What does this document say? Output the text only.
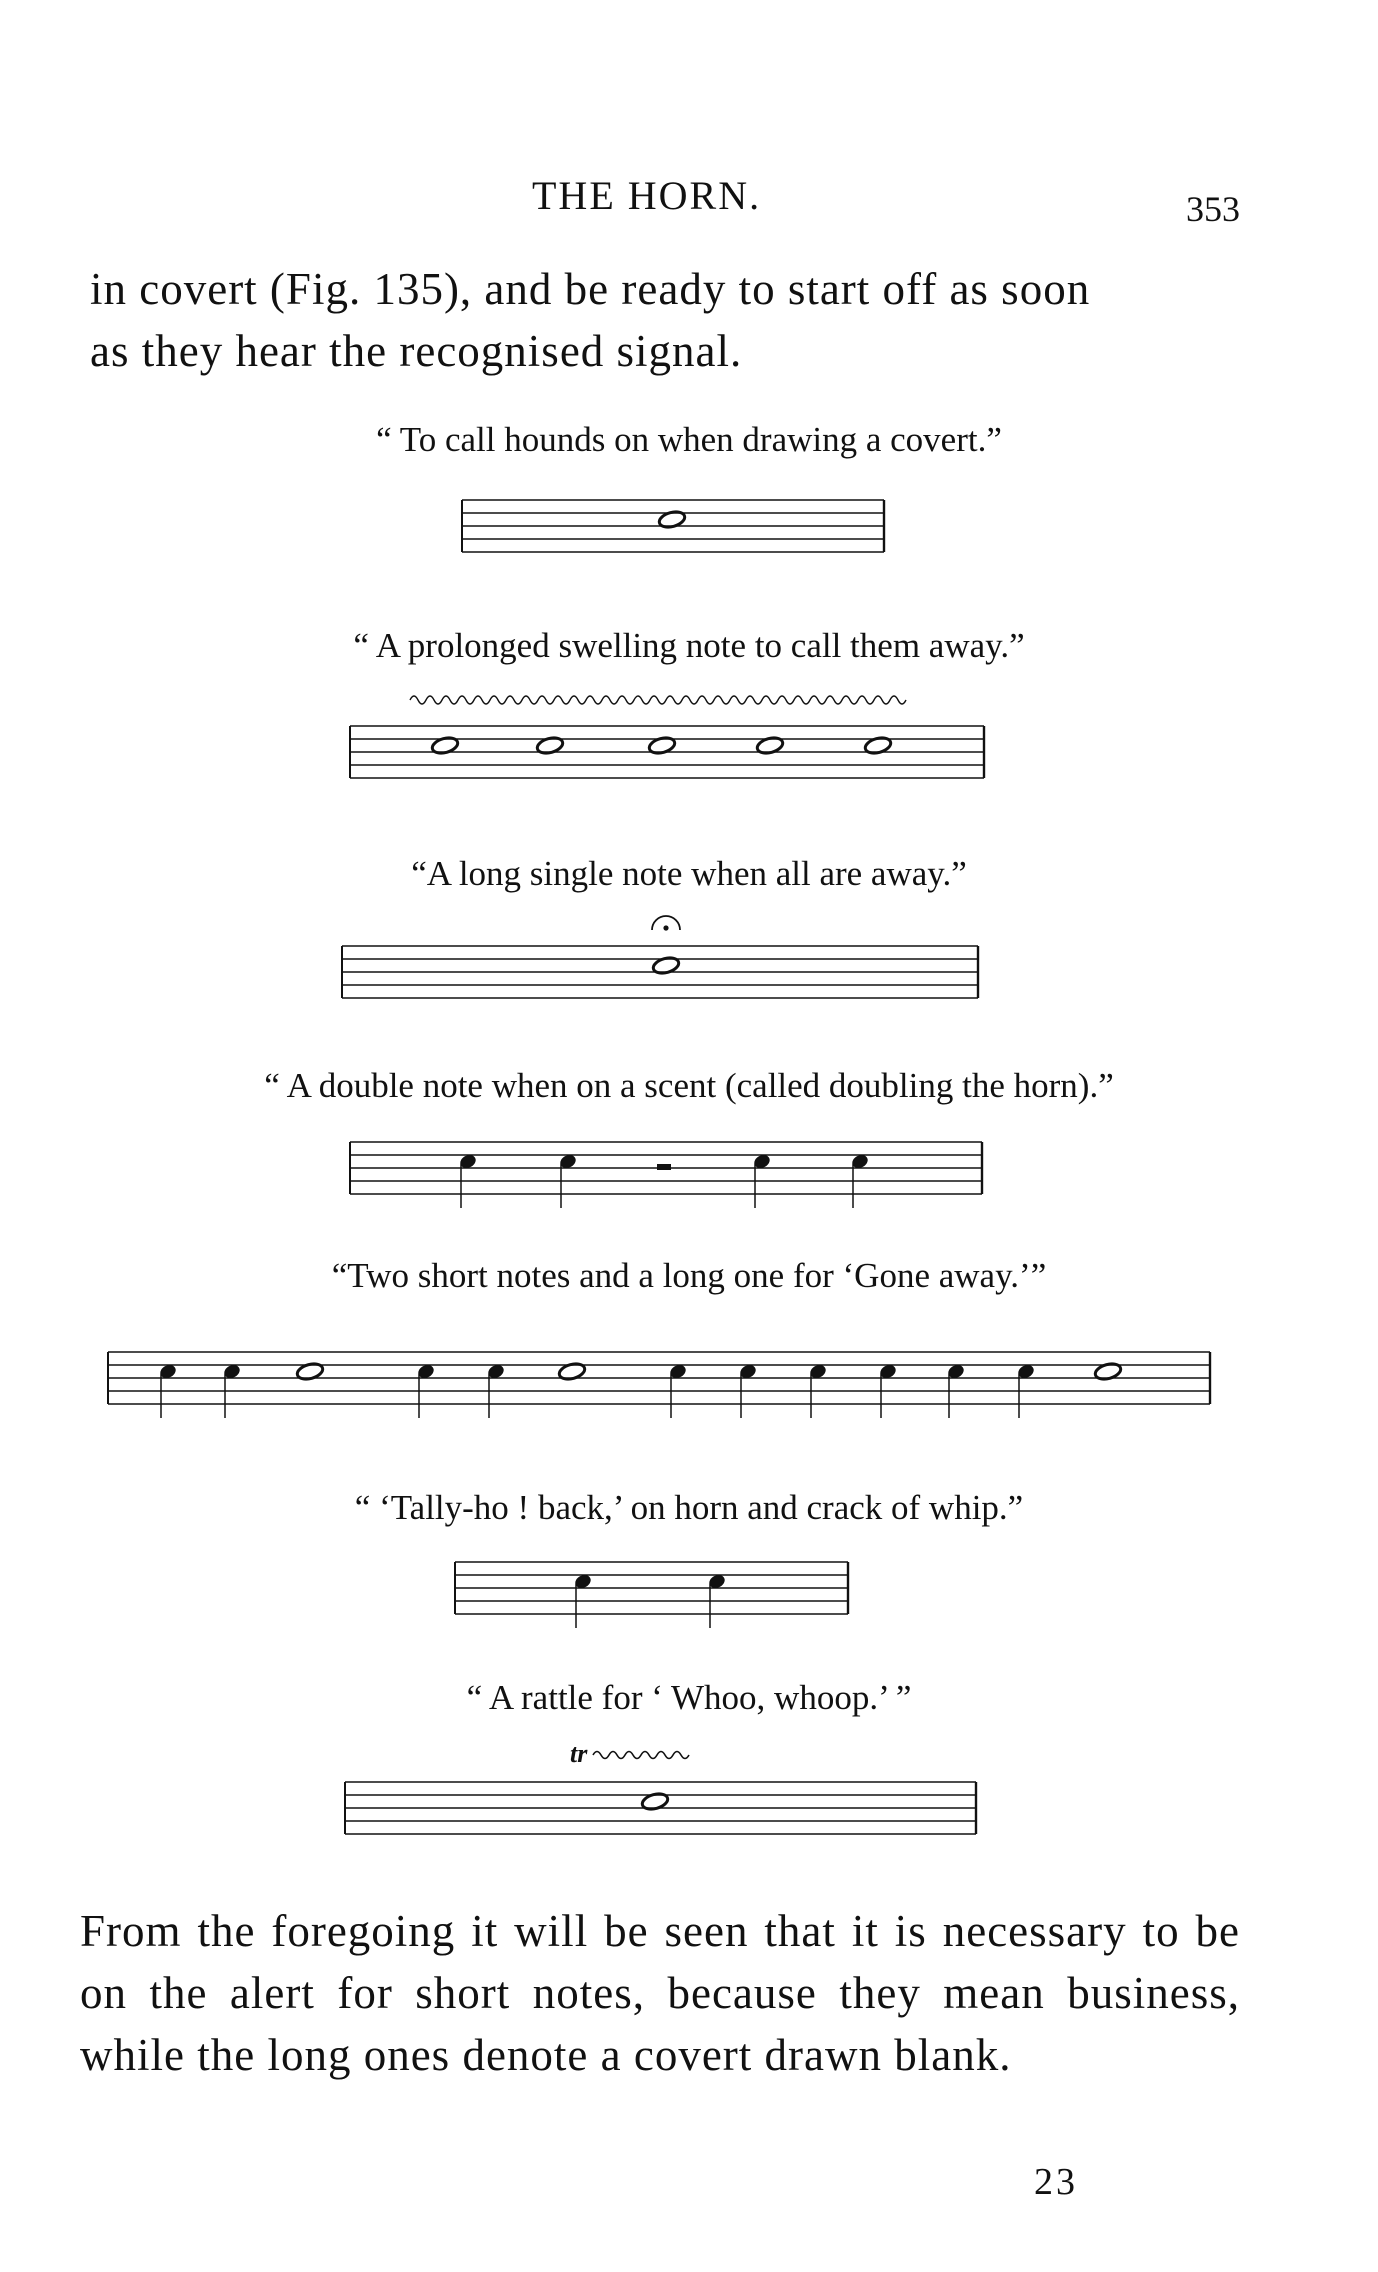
THE HORN.	353
in covert (Fig. 135), and be ready to start off as soon
as they hear the recognised signal.
“ To call hounds on when drawing a covert.”
“ A prolonged swelling note to call them away.”
“A long single note when all are away.”
“ A double note when on a scent (called doubling the horn).”
“Two short notes and a long one for ‘Gone away.’”
“ ‘Tally-ho ! back,’ on horn and crack of whip.”
“ A rattle for ‘ Whoo, whoop.’ ”
tr
From the foregoing it will be seen that it is necessary to be on the alert for short notes, because they mean business, while the long ones denote a covert drawn blank.
23
